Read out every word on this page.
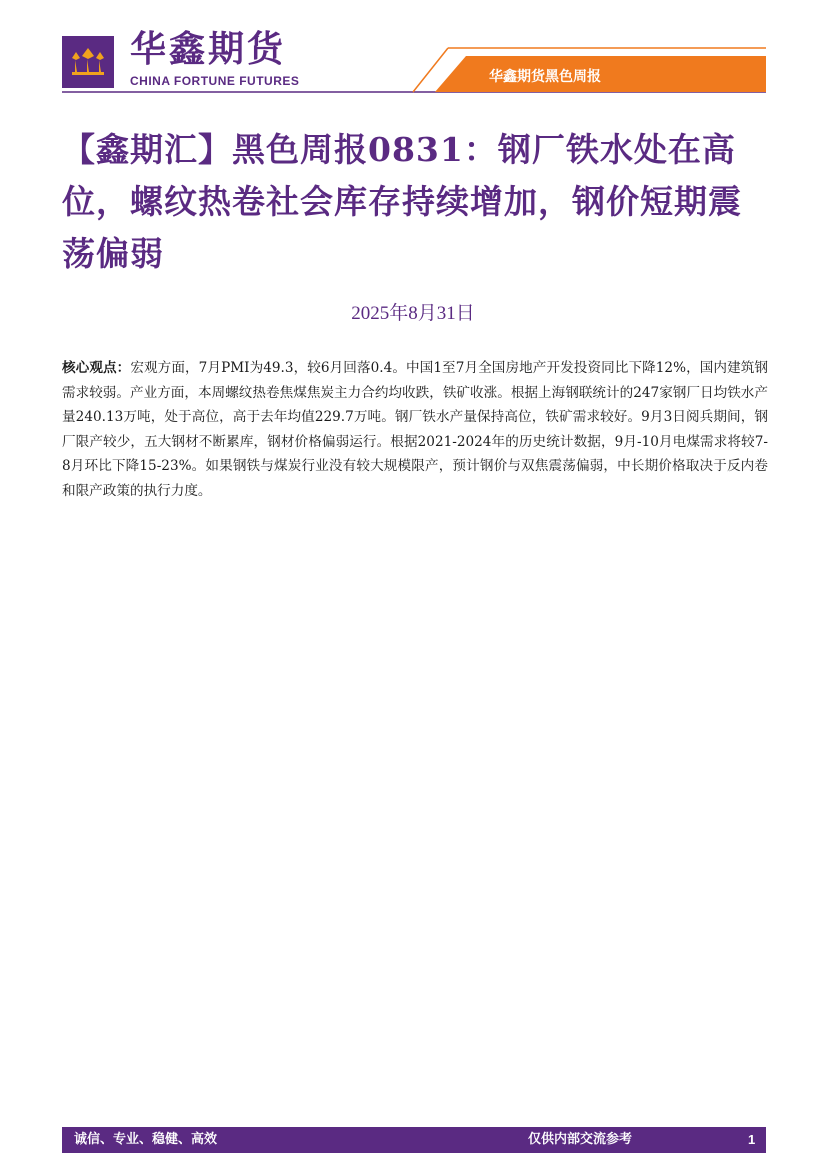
华鑫期货
CHINA FORTUNE FUTURES	华鑫期货黑色周报
【鑫期汇】黑色周报0831：钢厂铁水处在高位，螺纹热卷社会库存持续增加，钢价短期震荡偏弱
2025年8月31日
核心观点：宏观方面，7月PMI为49.3，较6月回落0.4。中国1至7月全国房地产开发投资同比下降12%，国内建筑钢需求较弱。产业方面，本周螺纹热卷焦煤焦炭主力合约均收跌，铁矿收涨。根据上海钢联统计的247家钢厂日均铁水产量240.13万吨，处于高位，高于去年均值229.7万吨。钢厂铁水产量保持高位，铁矿需求较好。9月3日阅兵期间，钢厂限产较少，五大钢材不断累库，钢材价格偏弱运行。根据2021-2024年的历史统计数据，9月-10月电煤需求将较7-8月环比下降15-23%。如果钢铁与煤炭行业没有较大规模限产，预计钢价与双焦震荡偏弱，中长期价格取决于反内卷和限产政策的执行力度。
诚信、专业、稳健、高效	仅供内部交流参考	1
